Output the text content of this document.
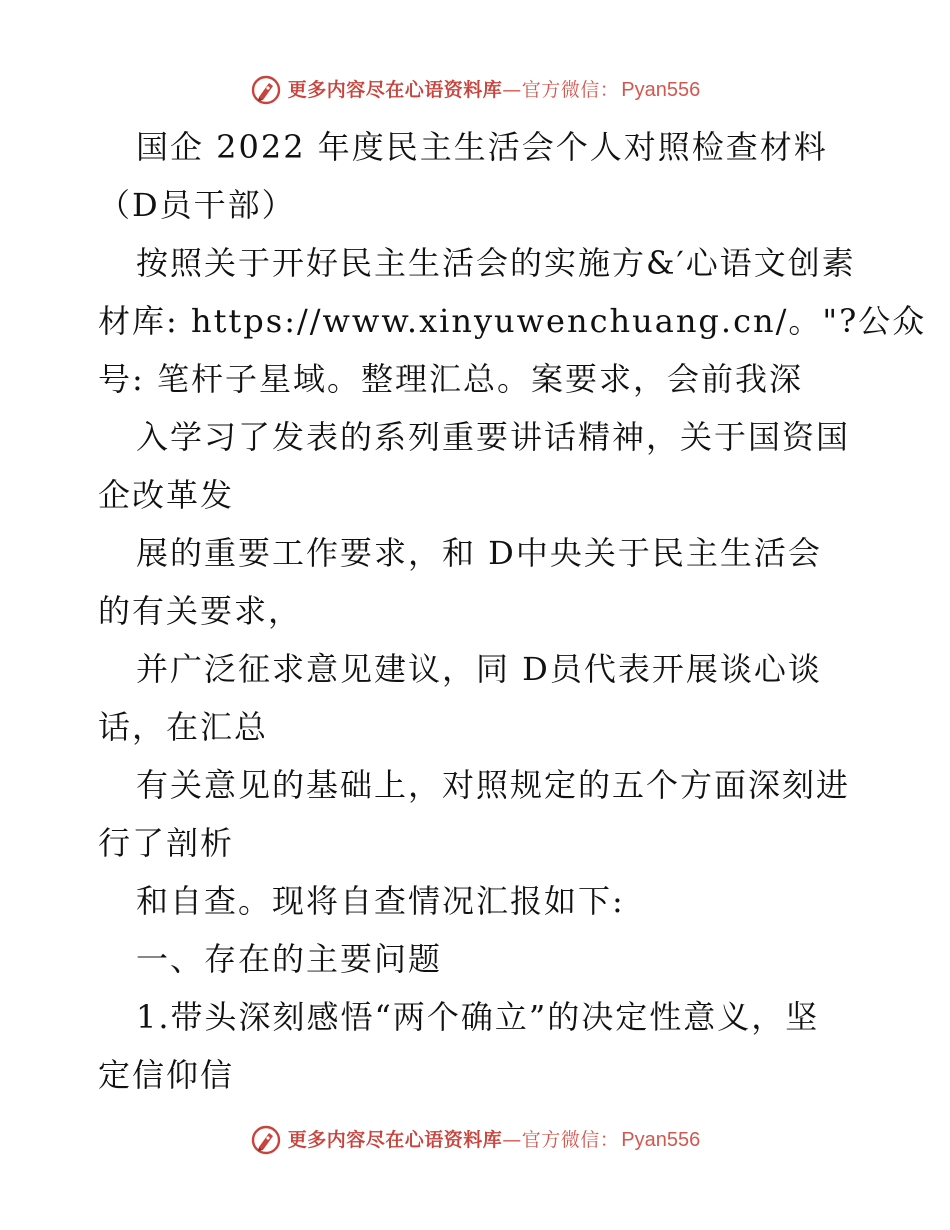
更多内容尽在心语资料库 — 官方微信： Pyan556
国企 2022 年度民主生活会个人对照检查材料
（D员干部）
按照关于开好民主生活会的实施方&′心语文创素
材库: https://www.xinyuwenchuang.cn/。"?公众
号: 笔杆子星域。整理汇总。案要求，会前我深
入学习了发表的系列重要讲话精神，关于国资国
企改革发
展的重要工作要求，和 D中央关于民主生活会
的有关要求，
并广泛征求意见建议，同 D员代表开展谈心谈
话，在汇总
有关意见的基础上，对照规定的五个方面深刻进
行了剖析
和自查。现将自查情况汇报如下:
一、存在的主要问题
1.带头深刻感悟“两个确立”的决定性意义，坚
定信仰信
更多内容尽在心语资料库 — 官方微信： Pyan556
